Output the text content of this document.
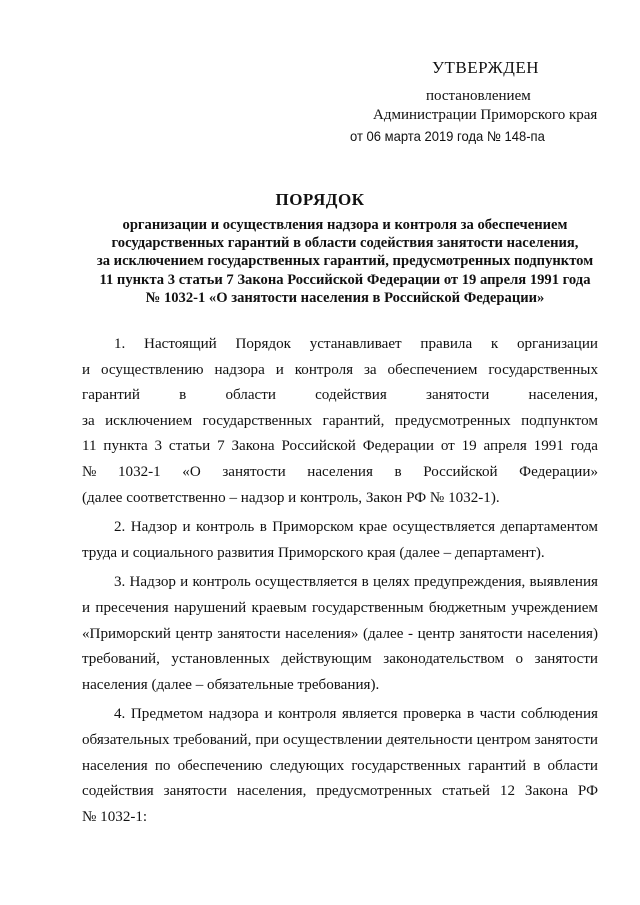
УТВЕРЖДЕН
постановлением
Администрации Приморского края
от 06 марта 2019 года № 148-па
ПОРЯДОК
организации и осуществления надзора и контроля за обеспечением
государственных гарантий в области содействия занятости населения,
за исключением государственных гарантий, предусмотренных подпунктом
11 пункта 3 статьи 7 Закона Российской Федерации от 19 апреля 1991 года
№ 1032-1 «О занятости населения в Российской Федерации»
1. Настоящий Порядок устанавливает правила к организации
и осуществлению надзора и контроля за обеспечением государственных
гарантий в области содействия занятости населения,
за исключением государственных гарантий, предусмотренных подпунктом
11 пункта 3 статьи 7 Закона Российской Федерации от 19 апреля 1991 года
№ 1032-1 «О занятости населения в Российской Федерации»
(далее соответственно – надзор и контроль, Закон РФ № 1032-1).
2. Надзор и контроль в Приморском крае осуществляется департаментом
труда и социального развития Приморского края (далее – департамент).
3. Надзор и контроль осуществляется в целях предупреждения, выявления
и пресечения нарушений краевым государственным бюджетным учреждением
«Приморский центр занятости населения» (далее - центр занятости населения)
требований, установленных действующим законодательством о занятости
населения (далее – обязательные требования).
4. Предметом надзора и контроля является проверка в части соблюдения
обязательных требований, при осуществлении деятельности центром занятости
населения по обеспечению следующих государственных гарантий в области
содействия занятости населения, предусмотренных статьей 12 Закона РФ
№ 1032-1:
